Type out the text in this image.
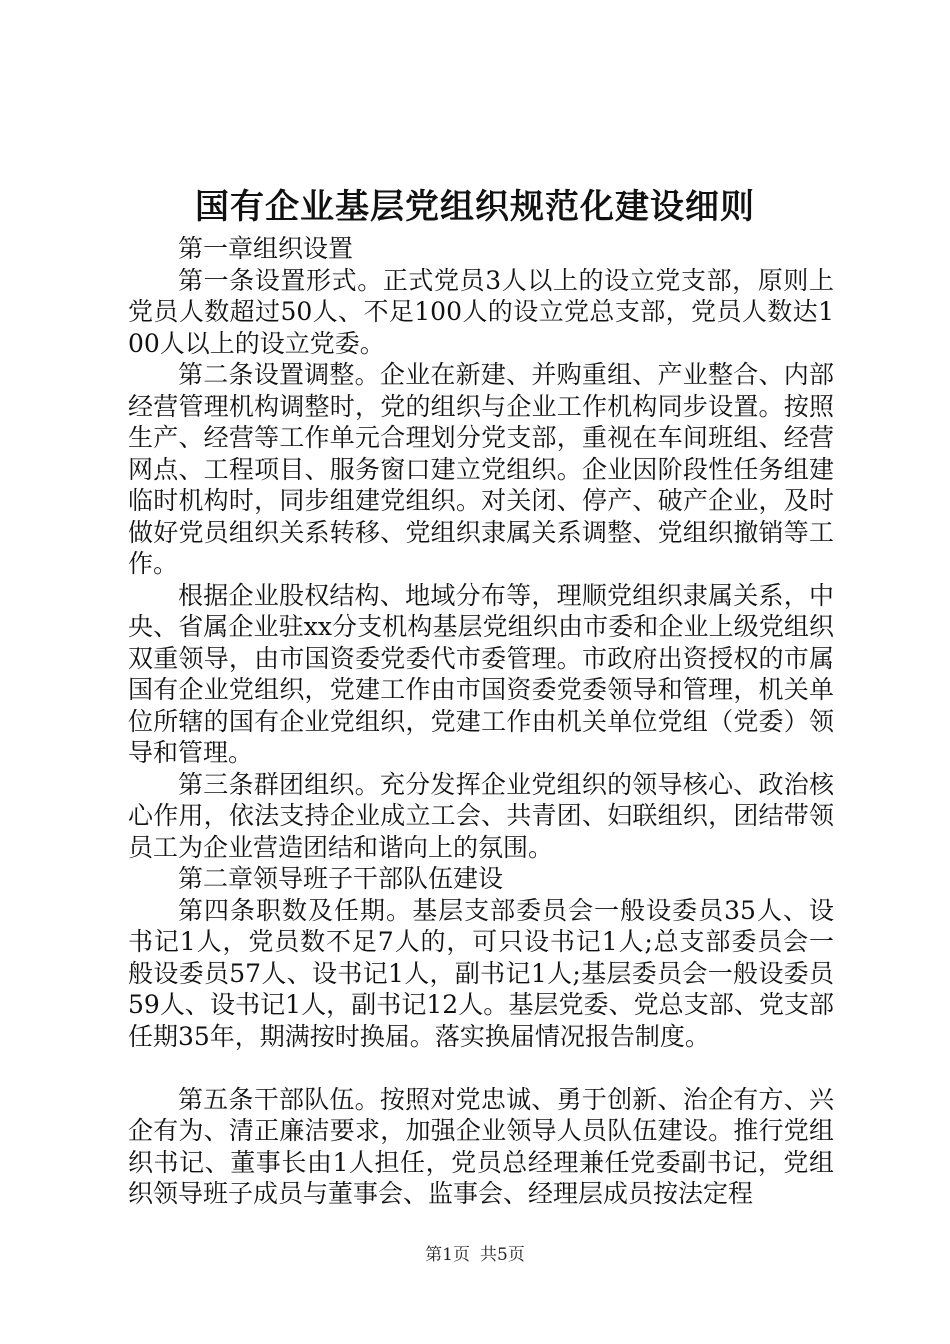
国有企业基层党组织规范化建设细则

第一章组织设置

第一条设置形式。正式党员3人以上的设立党支部，原则上党员人数超过50人、不足100人的设立党总支部，党员人数达100人以上的设立党委。

第二条设置调整。企业在新建、并购重组、产业整合、内部经营管理机构调整时，党的组织与企业工作机构同步设置。按照生产、经营等工作单元合理划分党支部，重视在车间班组、经营网点、工程项目、服务窗口建立党组织。企业因阶段性任务组建临时机构时，同步组建党组织。对关闭、停产、破产企业，及时做好党员组织关系转移、党组织隶属关系调整、党组织撤销等工作。

根据企业股权结构、地域分布等，理顺党组织隶属关系，中央、省属企业驻xx分支机构基层党组织由市委和企业上级党组织双重领导，由市国资委党委代市委管理。市政府出资授权的市属国有企业党组织，党建工作由市国资委党委领导和管理，机关单位所辖的国有企业党组织，党建工作由机关单位党组（党委）领导和管理。

第三条群团组织。充分发挥企业党组织的领导核心、政治核心作用，依法支持企业成立工会、共青团、妇联组织，团结带领员工为企业营造团结和谐向上的氛围。

第二章领导班子干部队伍建设

第四条职数及任期。基层支部委员会一般设委员35人、设书记1人，党员数不足7人的，可只设书记1人;总支部委员会一般设委员57人、设书记1人，副书记1人;基层委员会一般设委员59人、设书记1人，副书记12人。基层党委、党总支部、党支部任期35年，期满按时换届。落实换届情况报告制度。

第五条干部队伍。按照对党忠诚、勇于创新、治企有方、兴企有为、清正廉洁要求，加强企业领导人员队伍建设。推行党组织书记、董事长由1人担任，党员总经理兼任党委副书记，党组织领导班子成员与董事会、监事会、经理层成员按法定程

第1页 共5页
